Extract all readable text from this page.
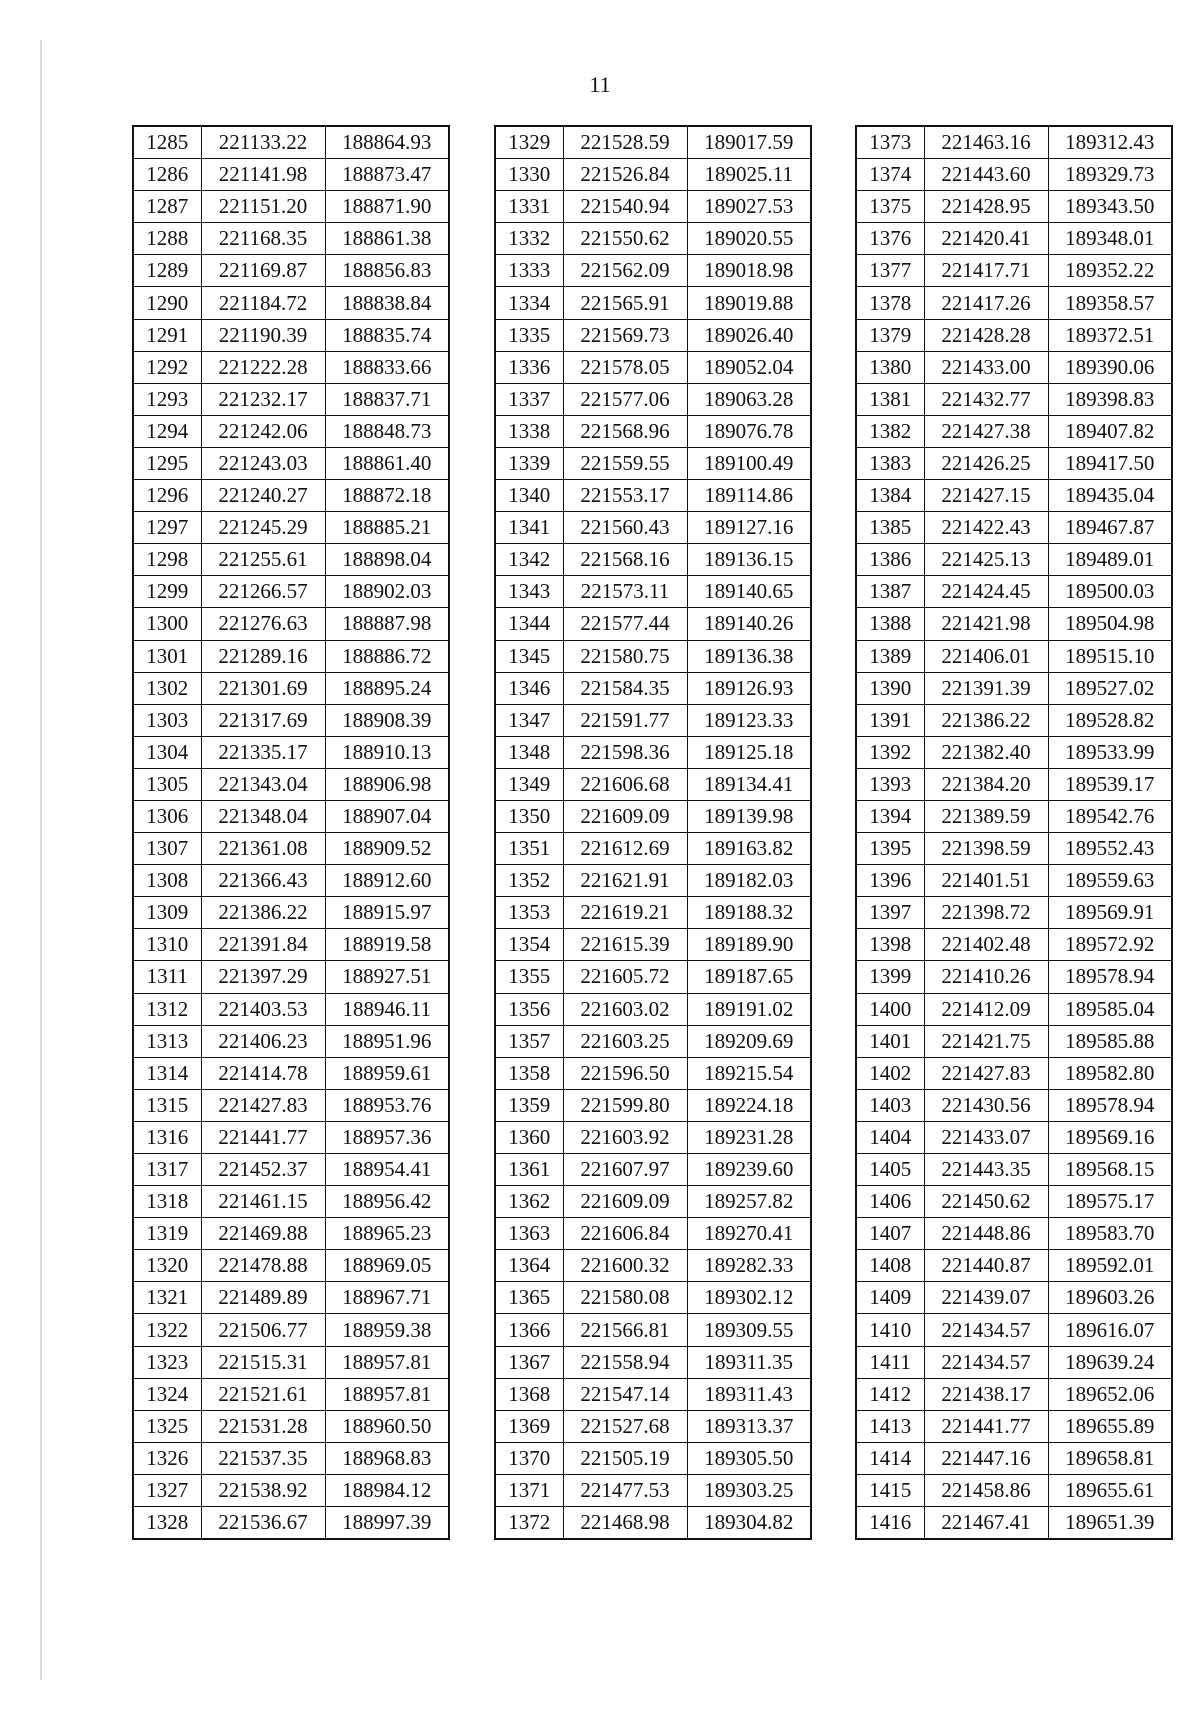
11
1285	221133.22	188864.93
1286	221141.98	188873.47
1287	221151.20	188871.90
1288	221168.35	188861.38
1289	221169.87	188856.83
1290	221184.72	188838.84
1291	221190.39	188835.74
1292	221222.28	188833.66
1293	221232.17	188837.71
1294	221242.06	188848.73
1295	221243.03	188861.40
1296	221240.27	188872.18
1297	221245.29	188885.21
1298	221255.61	188898.04
1299	221266.57	188902.03
1300	221276.63	188887.98
1301	221289.16	188886.72
1302	221301.69	188895.24
1303	221317.69	188908.39
1304	221335.17	188910.13
1305	221343.04	188906.98
1306	221348.04	188907.04
1307	221361.08	188909.52
1308	221366.43	188912.60
1309	221386.22	188915.97
1310	221391.84	188919.58
1311	221397.29	188927.51
1312	221403.53	188946.11
1313	221406.23	188951.96
1314	221414.78	188959.61
1315	221427.83	188953.76
1316	221441.77	188957.36
1317	221452.37	188954.41
1318	221461.15	188956.42
1319	221469.88	188965.23
1320	221478.88	188969.05
1321	221489.89	188967.71
1322	221506.77	188959.38
1323	221515.31	188957.81
1324	221521.61	188957.81
1325	221531.28	188960.50
1326	221537.35	188968.83
1327	221538.92	188984.12
1328	221536.67	188997.39
1329	221528.59	189017.59
1330	221526.84	189025.11
1331	221540.94	189027.53
1332	221550.62	189020.55
1333	221562.09	189018.98
1334	221565.91	189019.88
1335	221569.73	189026.40
1336	221578.05	189052.04
1337	221577.06	189063.28
1338	221568.96	189076.78
1339	221559.55	189100.49
1340	221553.17	189114.86
1341	221560.43	189127.16
1342	221568.16	189136.15
1343	221573.11	189140.65
1344	221577.44	189140.26
1345	221580.75	189136.38
1346	221584.35	189126.93
1347	221591.77	189123.33
1348	221598.36	189125.18
1349	221606.68	189134.41
1350	221609.09	189139.98
1351	221612.69	189163.82
1352	221621.91	189182.03
1353	221619.21	189188.32
1354	221615.39	189189.90
1355	221605.72	189187.65
1356	221603.02	189191.02
1357	221603.25	189209.69
1358	221596.50	189215.54
1359	221599.80	189224.18
1360	221603.92	189231.28
1361	221607.97	189239.60
1362	221609.09	189257.82
1363	221606.84	189270.41
1364	221600.32	189282.33
1365	221580.08	189302.12
1366	221566.81	189309.55
1367	221558.94	189311.35
1368	221547.14	189311.43
1369	221527.68	189313.37
1370	221505.19	189305.50
1371	221477.53	189303.25
1372	221468.98	189304.82
1373	221463.16	189312.43
1374	221443.60	189329.73
1375	221428.95	189343.50
1376	221420.41	189348.01
1377	221417.71	189352.22
1378	221417.26	189358.57
1379	221428.28	189372.51
1380	221433.00	189390.06
1381	221432.77	189398.83
1382	221427.38	189407.82
1383	221426.25	189417.50
1384	221427.15	189435.04
1385	221422.43	189467.87
1386	221425.13	189489.01
1387	221424.45	189500.03
1388	221421.98	189504.98
1389	221406.01	189515.10
1390	221391.39	189527.02
1391	221386.22	189528.82
1392	221382.40	189533.99
1393	221384.20	189539.17
1394	221389.59	189542.76
1395	221398.59	189552.43
1396	221401.51	189559.63
1397	221398.72	189569.91
1398	221402.48	189572.92
1399	221410.26	189578.94
1400	221412.09	189585.04
1401	221421.75	189585.88
1402	221427.83	189582.80
1403	221430.56	189578.94
1404	221433.07	189569.16
1405	221443.35	189568.15
1406	221450.62	189575.17
1407	221448.86	189583.70
1408	221440.87	189592.01
1409	221439.07	189603.26
1410	221434.57	189616.07
1411	221434.57	189639.24
1412	221438.17	189652.06
1413	221441.77	189655.89
1414	221447.16	189658.81
1415	221458.86	189655.61
1416	221467.41	189651.39
